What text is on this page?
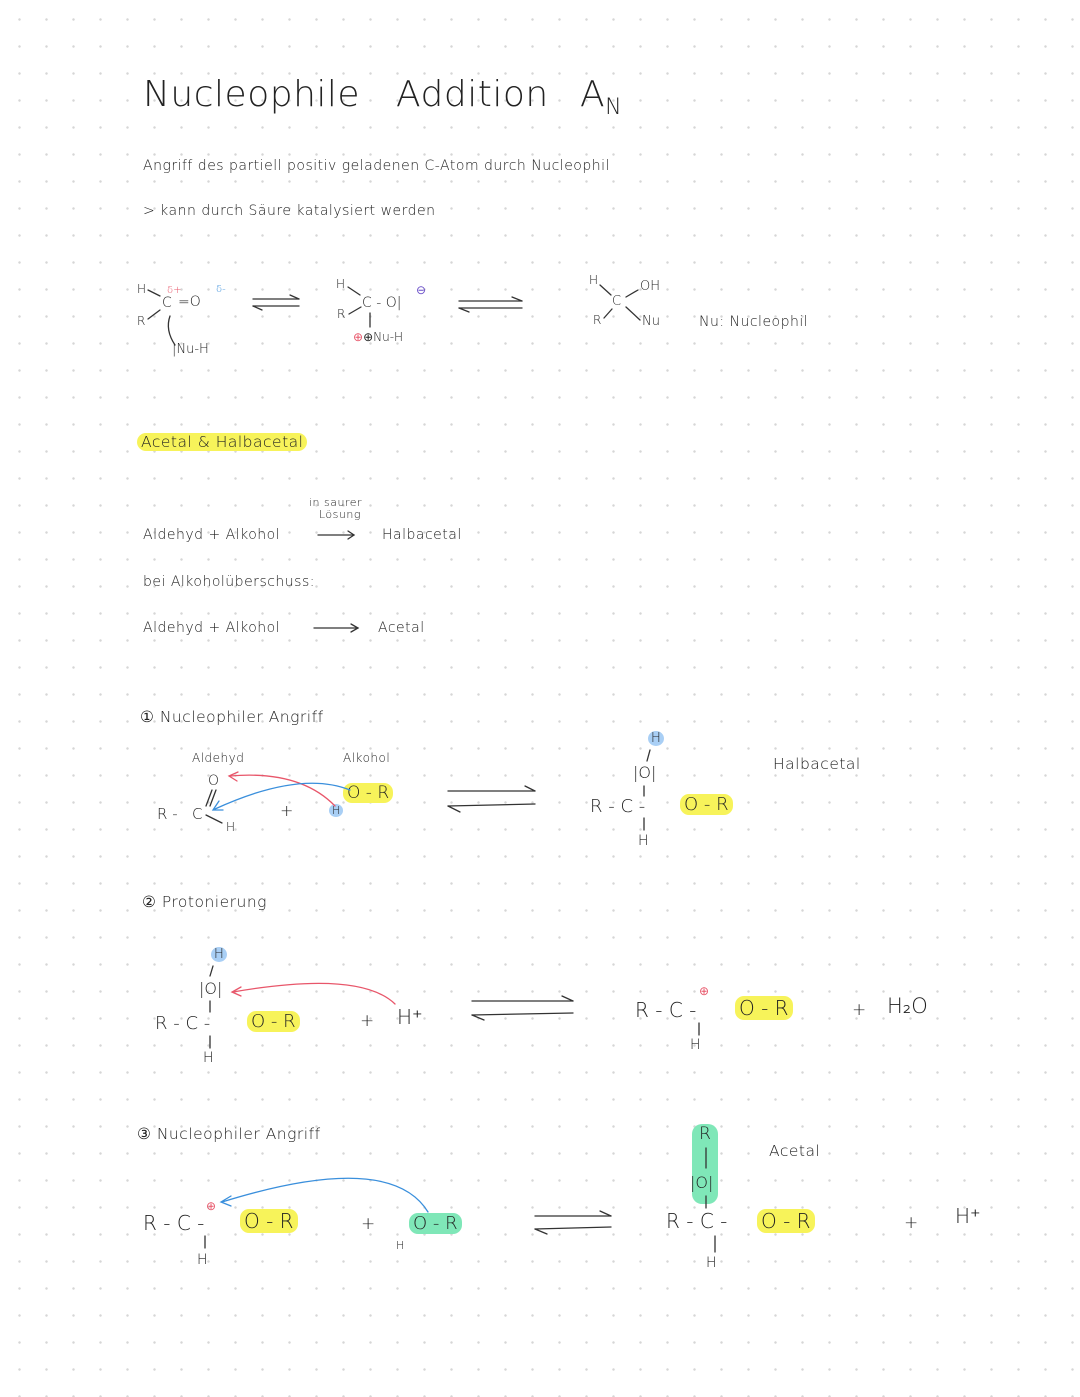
Nucleophile Addition $A_N$
Angriff des partiell positiv geladenen C-Atom durch Nucleophil
> kann durch Säure katalysiert werden
H δ+
C =O
δ-
R
|Nu-H
H
R
C - O|
⊖
⊕⊕Nu-H
H
C
OH
R	Nu	Nu: Nucleophil
Acetal & Halbacetal
Aldehyd + Alkohol
in saurer
Lösung
Halbacetal
bei Alkoholüberschuss:
Aldehyd + Alkohol	Acetal
① Nucleophiler Angriff
Aldehyd	Alkohol
O
R - C
H
+
O - R
H
H
|O|
R - C - O - R
H
Halbacetal
② Protonierung
H
|O|
R - C - O - R
H
+ H⁺
⊕
R - C - O - R
H
+ H₂O
③ Nucleophiler Angriff
⊕
R - C - O - R
H
+ O - R
H
R
|O|
R - C - O - R
H
Acetal
+ H⁺
